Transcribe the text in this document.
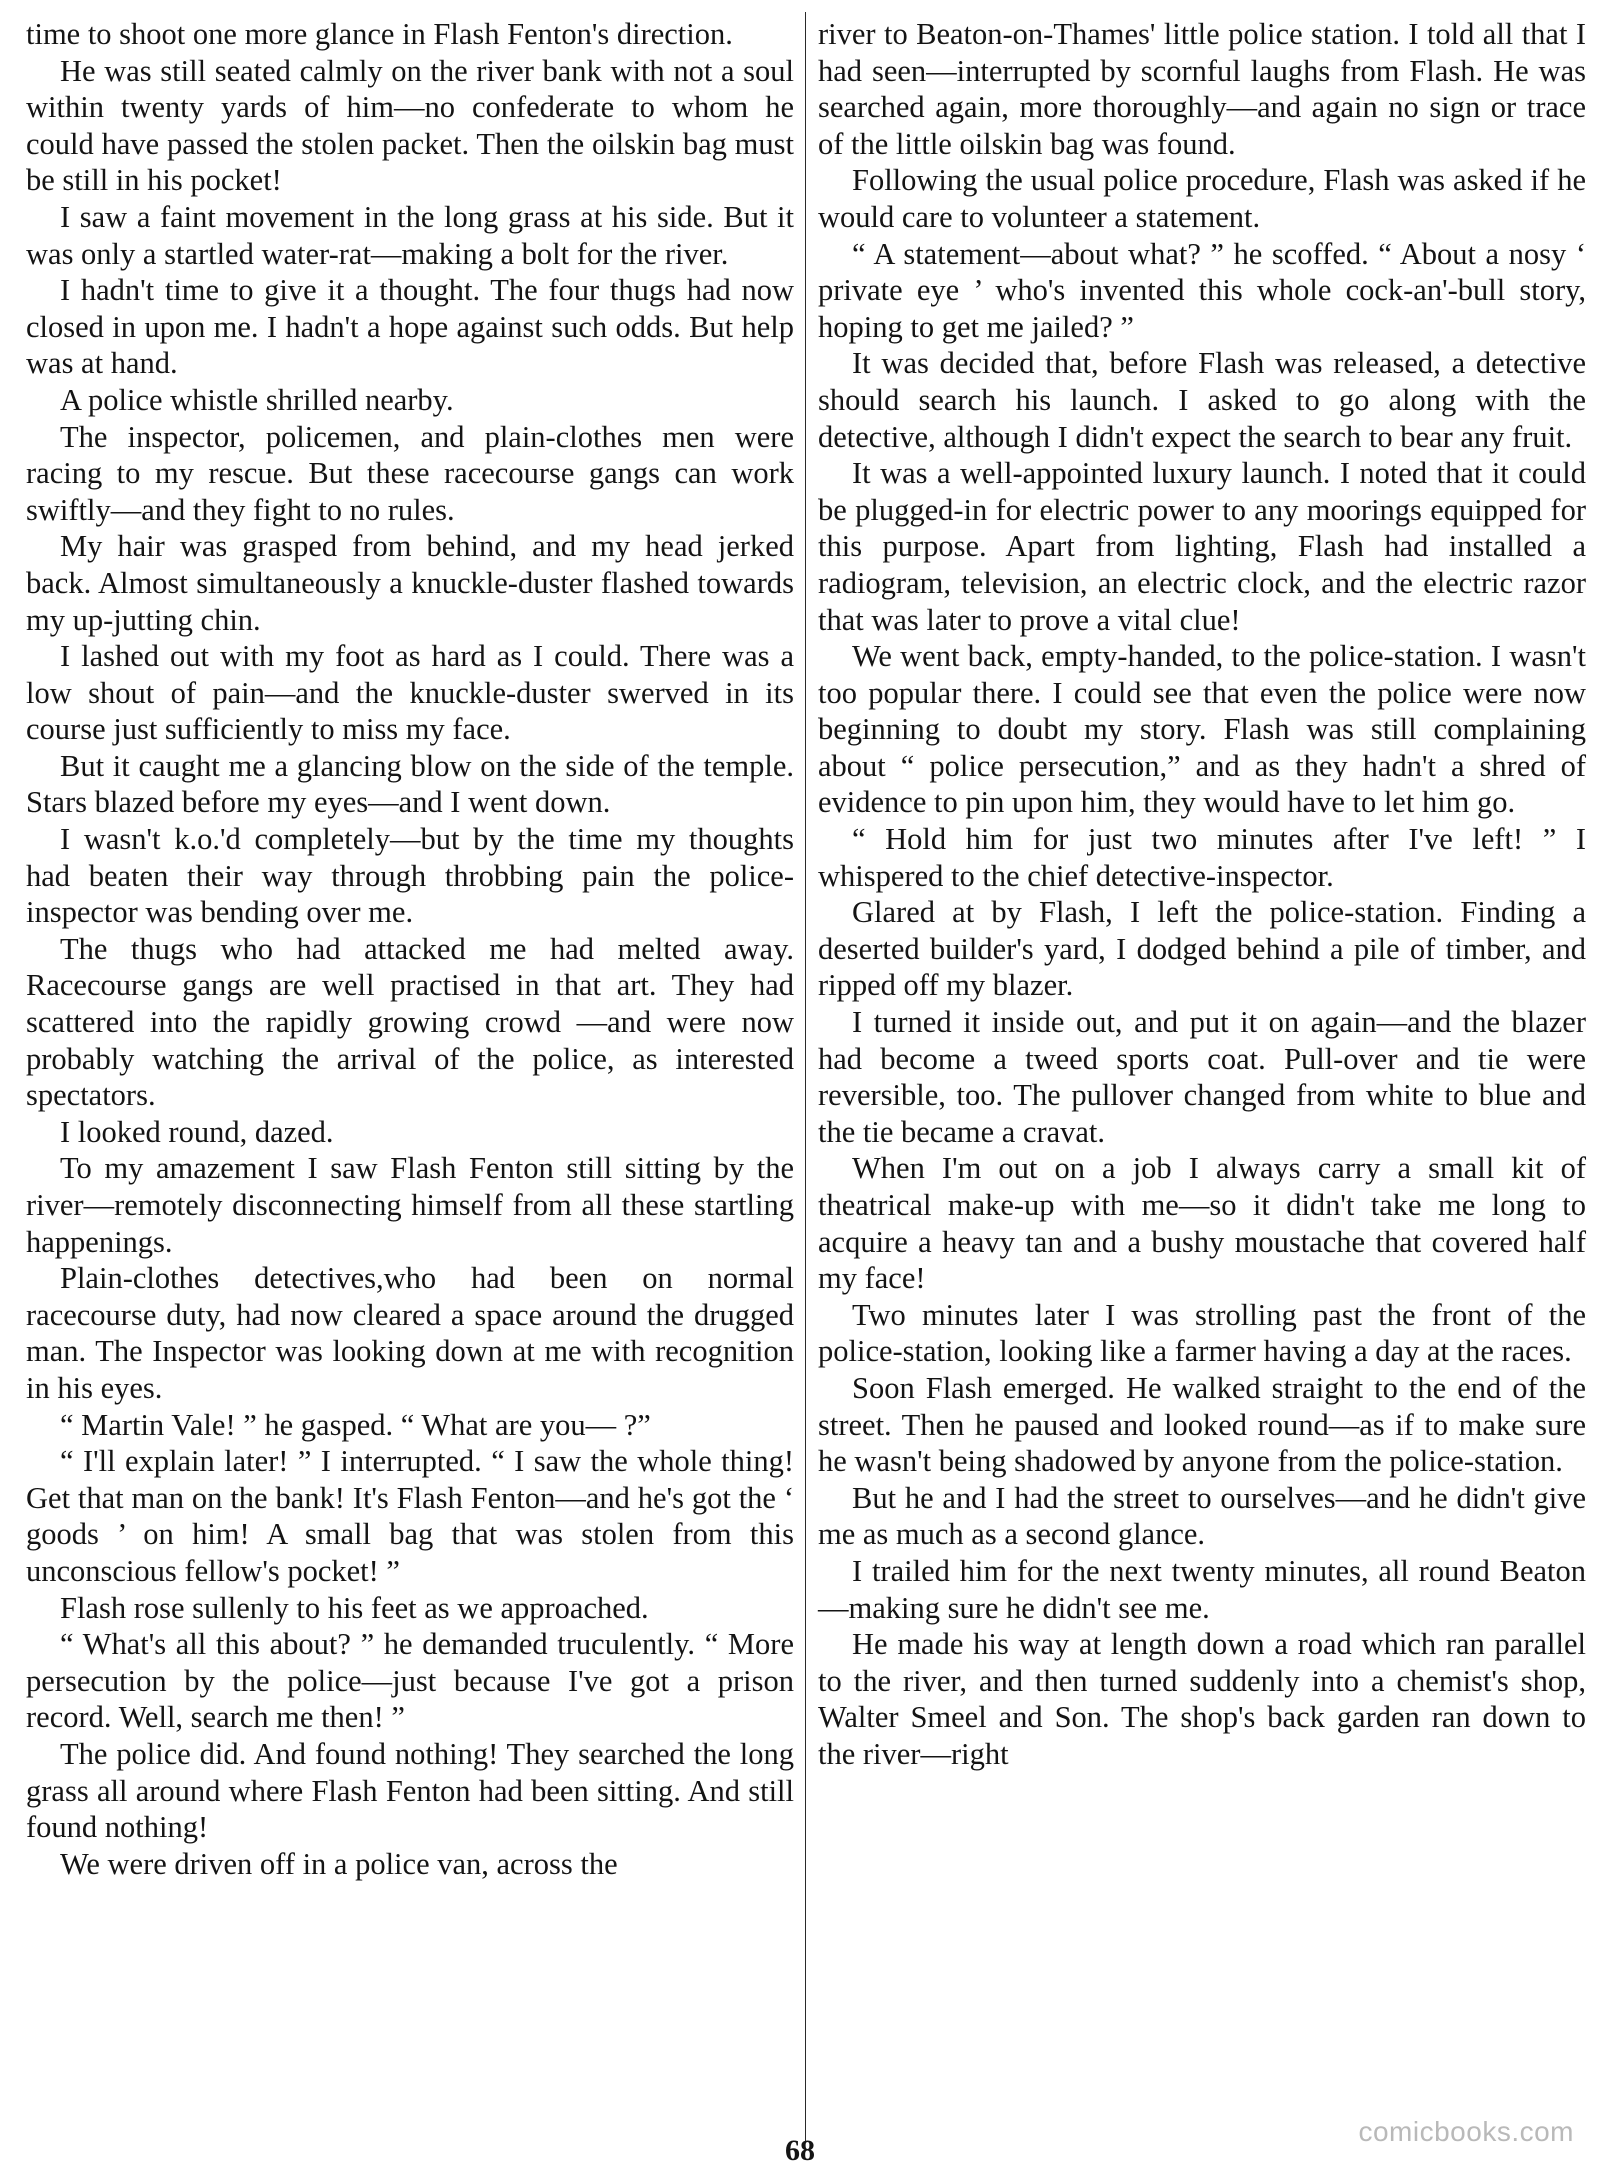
time to shoot one more glance in Flash Fenton's direction.

He was still seated calmly on the river bank with not a soul within twenty yards of him—no confederate to whom he could have passed the stolen packet. Then the oilskin bag must be still in his pocket!

I saw a faint movement in the long grass at his side. But it was only a startled water-rat—making a bolt for the river.

I hadn't time to give it a thought. The four thugs had now closed in upon me. I hadn't a hope against such odds. But help was at hand.

A police whistle shrilled nearby.

The inspector, policemen, and plain-clothes men were racing to my rescue. But these racecourse gangs can work swiftly—and they fight to no rules.

My hair was grasped from behind, and my head jerked back. Almost simultaneously a knuckle-duster flashed towards my up-jutting chin.

I lashed out with my foot as hard as I could. There was a low shout of pain—and the knuckle-duster swerved in its course just sufficiently to miss my face.

But it caught me a glancing blow on the side of the temple. Stars blazed before my eyes—and I went down.

I wasn't k.o.'d completely—but by the time my thoughts had beaten their way through throbbing pain the police-inspector was bending over me.

The thugs who had attacked me had melted away. Racecourse gangs are well practised in that art. They had scattered into the rapidly growing crowd —and were now probably watching the arrival of the police, as interested spectators.

I looked round, dazed.

To my amazement I saw Flash Fenton still sitting by the river—remotely disconnecting himself from all these startling happenings.

Plain-clothes detectives,who had been on normal racecourse duty, had now cleared a space around the drugged man. The Inspector was looking down at me with recognition in his eyes.

“ Martin Vale! ” he gasped. “ What are you— ?”

“ I'll explain later! ” I interrupted. “ I saw the whole thing! Get that man on the bank! It's Flash Fenton—and he's got the ‘ goods ’ on him! A small bag that was stolen from this unconscious fellow's pocket! ”

Flash rose sullenly to his feet as we approached.

“ What's all this about? ” he demanded truculently. “ More persecution by the police—just because I've got a prison record. Well, search me then! ”

The police did. And found nothing! They searched the long grass all around where Flash Fenton had been sitting. And still found nothing!

We were driven off in a police van, across the

river to Beaton-on-Thames' little police station. I told all that I had seen—interrupted by scornful laughs from Flash. He was searched again, more thoroughly—and again no sign or trace of the little oilskin bag was found.

Following the usual police procedure, Flash was asked if he would care to volunteer a statement.

“ A statement—about what? ” he scoffed. “ About a nosy ‘ private eye ’ who's invented this whole cock-an'-bull story, hoping to get me jailed? ”

It was decided that, before Flash was released, a detective should search his launch. I asked to go along with the detective, although I didn't expect the search to bear any fruit.

It was a well-appointed luxury launch. I noted that it could be plugged-in for electric power to any moorings equipped for this purpose. Apart from lighting, Flash had installed a radiogram, television, an electric clock, and the electric razor that was later to prove a vital clue!

We went back, empty-handed, to the police-station. I wasn't too popular there. I could see that even the police were now beginning to doubt my story. Flash was still complaining about “ police persecution,” and as they hadn't a shred of evidence to pin upon him, they would have to let him go.

“ Hold him for just two minutes after I've left! ” I whispered to the chief detective-inspector.

Glared at by Flash, I left the police-station. Finding a deserted builder's yard, I dodged behind a pile of timber, and ripped off my blazer.

I turned it inside out, and put it on again—and the blazer had become a tweed sports coat. Pull-over and tie were reversible, too. The pullover changed from white to blue and the tie became a cravat.

When I'm out on a job I always carry a small kit of theatrical make-up with me—so it didn't take me long to acquire a heavy tan and a bushy moustache that covered half my face!

Two minutes later I was strolling past the front of the police-station, looking like a farmer having a day at the races.

Soon Flash emerged. He walked straight to the end of the street. Then he paused and looked round—as if to make sure he wasn't being shadowed by anyone from the police-station.

But he and I had the street to ourselves—and he didn't give me as much as a second glance.

I trailed him for the next twenty minutes, all round Beaton—making sure he didn't see me.

He made his way at length down a road which ran parallel to the river, and then turned suddenly into a chemist's shop, Walter Smeel and Son. The shop's back garden ran down to the river—right

comicbooks.com
68
